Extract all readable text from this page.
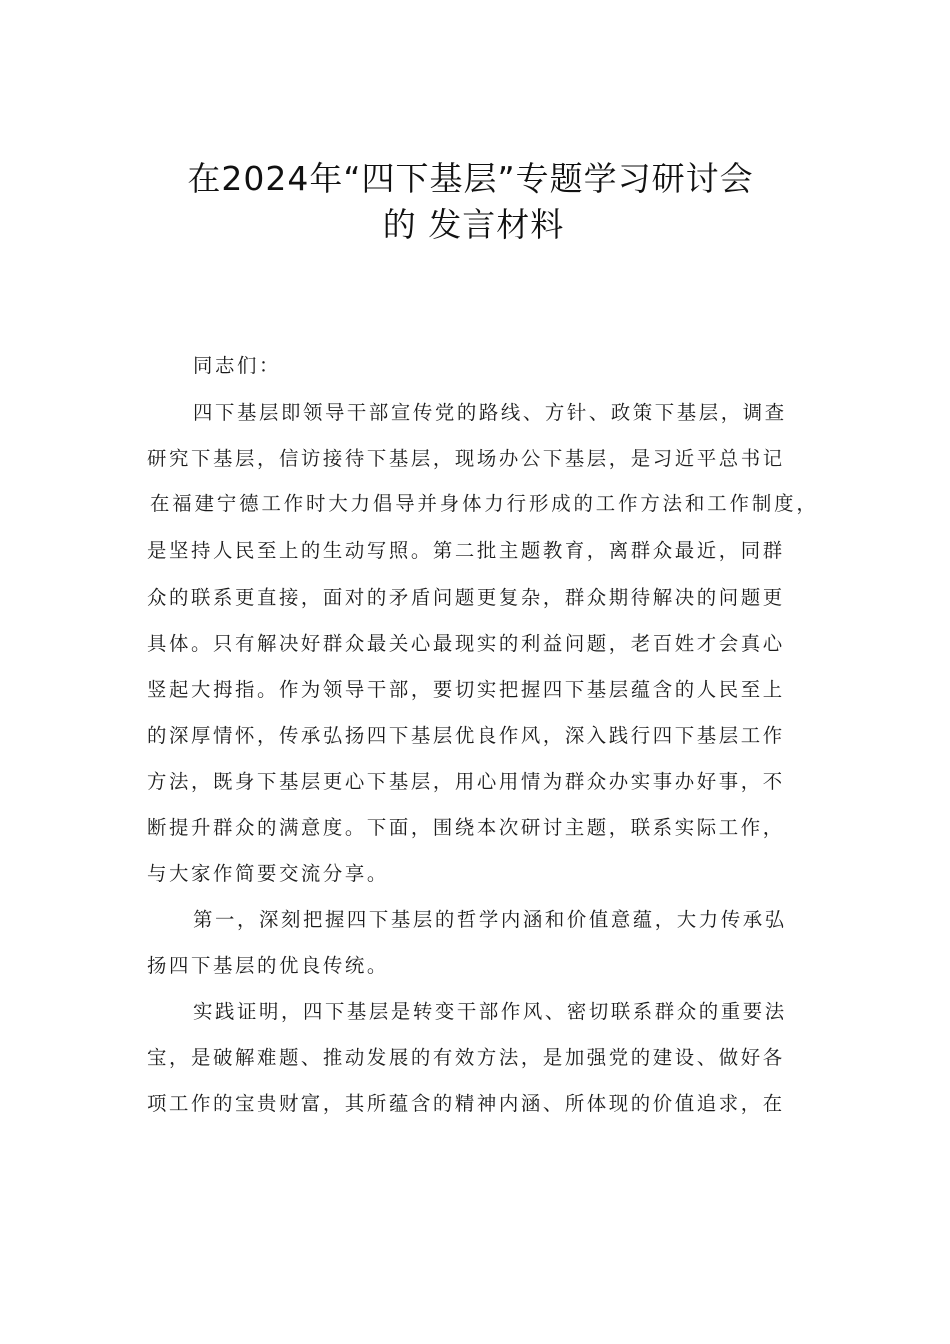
在2024年“四下基层”专题学习研讨会
的 发言材料
同志们：
四下基层即领导干部宣传党的路线、方针、政策下基层，调查
研究下基层，信访接待下基层，现场办公下基层，是习近平总书记
在福建宁德工作时大力倡导并身体力行形成的工作方法和工作制度，
是坚持人民至上的生动写照。第二批主题教育，离群众最近，同群
众的联系更直接，面对的矛盾问题更复杂，群众期待解决的问题更
具体。只有解决好群众最关心最现实的利益问题，老百姓才会真心
竖起大拇指。作为领导干部，要切实把握四下基层蕴含的人民至上
的深厚情怀，传承弘扬四下基层优良作风，深入践行四下基层工作
方法，既身下基层更心下基层，用心用情为群众办实事办好事，不
断提升群众的满意度。下面，围绕本次研讨主题，联系实际工作，
与大家作简要交流分享。
第一，深刻把握四下基层的哲学内涵和价值意蕴，大力传承弘
扬四下基层的优良传统。
实践证明，四下基层是转变干部作风、密切联系群众的重要法
宝，是破解难题、推动发展的有效方法，是加强党的建设、做好各
项工作的宝贵财富，其所蕴含的精神内涵、所体现的价值追求，在
